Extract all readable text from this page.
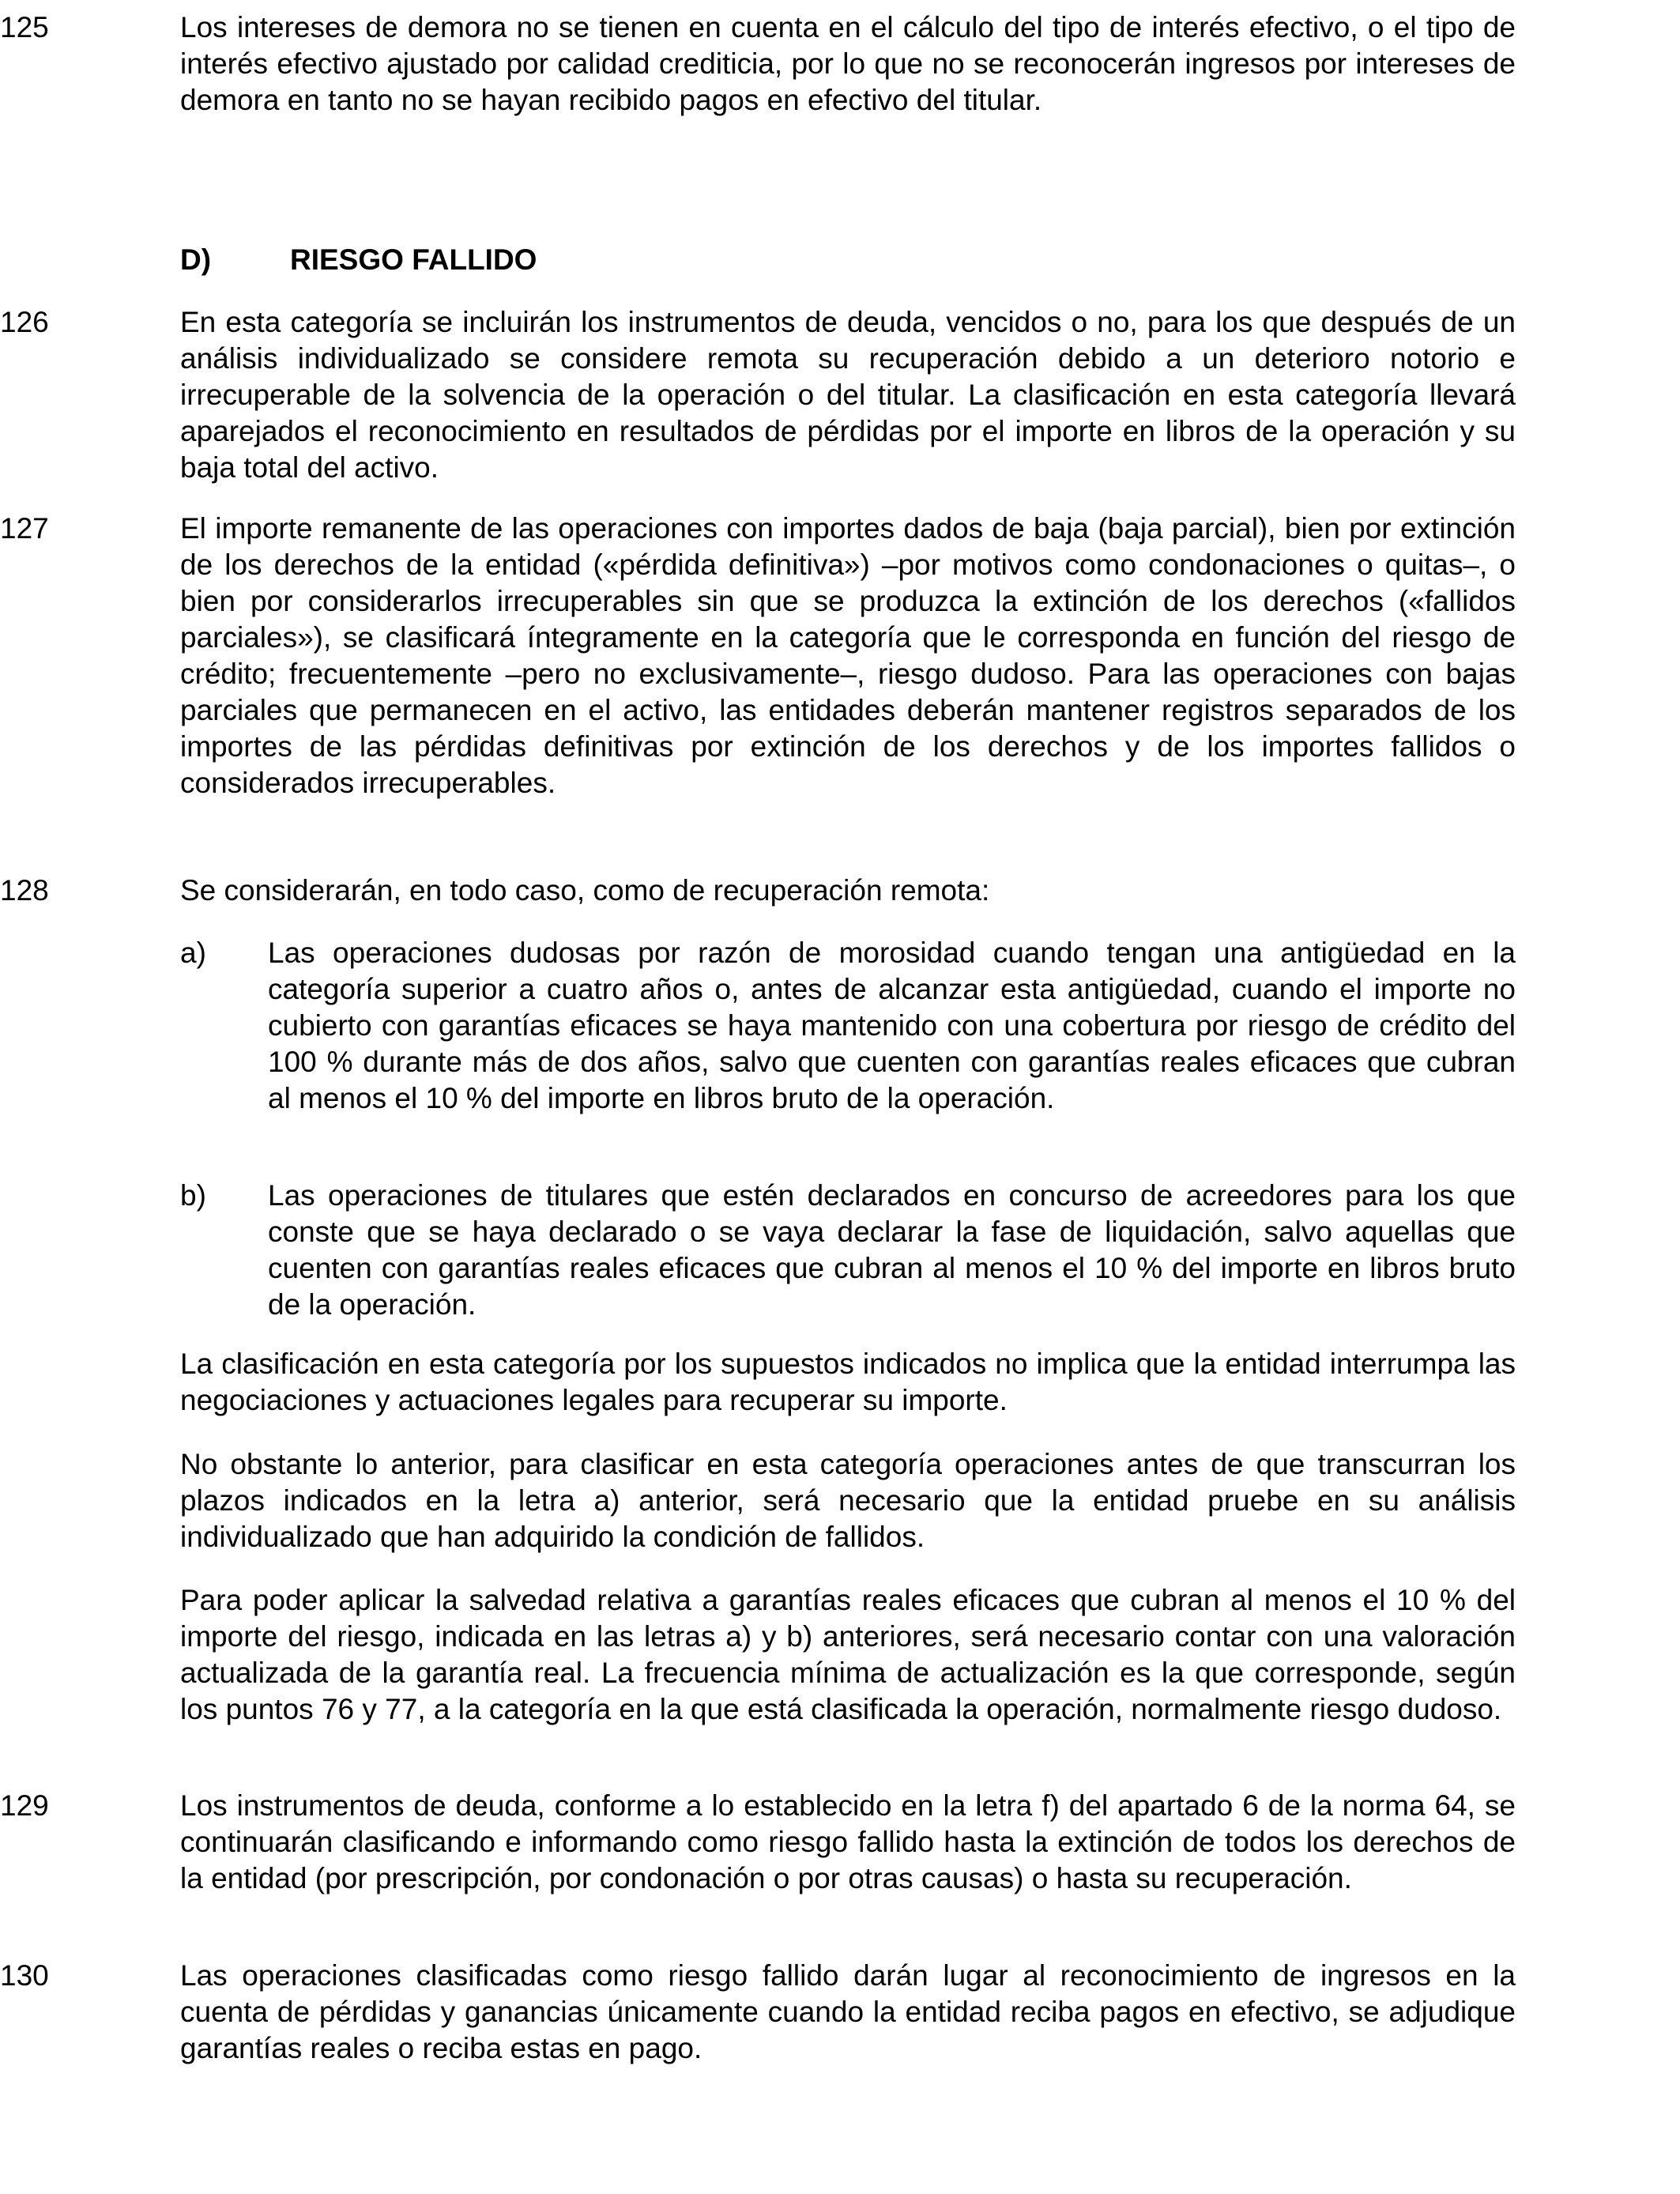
125	Los intereses de demora no se tienen en cuenta en el cálculo del tipo de interés efectivo, o el tipo de interés efectivo ajustado por calidad crediticia, por lo que no se reconocerán ingresos por intereses de demora en tanto no se hayan recibido pagos en efectivo del titular.
D)	RIESGO FALLIDO
126	En esta categoría se incluirán los instrumentos de deuda, vencidos o no, para los que después de un análisis individualizado se considere remota su recuperación debido a un deterioro notorio e irrecuperable de la solvencia de la operación o del titular. La clasificación en esta categoría llevará aparejados el reconocimiento en resultados de pérdidas por el importe en libros de la operación y su baja total del activo.
127	El importe remanente de las operaciones con importes dados de baja (baja parcial), bien por extinción de los derechos de la entidad («pérdida definitiva») –por motivos como condonaciones o quitas–, o bien por considerarlos irrecuperables sin que se produzca la extinción de los derechos («fallidos parciales»), se clasificará íntegramente en la categoría que le corresponda en función del riesgo de crédito; frecuentemente –pero no exclusivamente–, riesgo dudoso. Para las operaciones con bajas parciales que permanecen en el activo, las entidades deberán mantener registros separados de los importes de las pérdidas definitivas por extinción de los derechos y de los importes fallidos o considerados irrecuperables.
128	Se considerarán, en todo caso, como de recuperación remota:
a) Las operaciones dudosas por razón de morosidad cuando tengan una antigüedad en la categoría superior a cuatro años o, antes de alcanzar esta antigüedad, cuando el importe no cubierto con garantías eficaces se haya mantenido con una cobertura por riesgo de crédito del 100 % durante más de dos años, salvo que cuenten con garantías reales eficaces que cubran al menos el 10 % del importe en libros bruto de la operación.
b) Las operaciones de titulares que estén declarados en concurso de acreedores para los que conste que se haya declarado o se vaya declarar la fase de liquidación, salvo aquellas que cuenten con garantías reales eficaces que cubran al menos el 10 % del importe en libros bruto de la operación.
La clasificación en esta categoría por los supuestos indicados no implica que la entidad interrumpa las negociaciones y actuaciones legales para recuperar su importe.
No obstante lo anterior, para clasificar en esta categoría operaciones antes de que transcurran los plazos indicados en la letra a) anterior, será necesario que la entidad pruebe en su análisis individualizado que han adquirido la condición de fallidos.
Para poder aplicar la salvedad relativa a garantías reales eficaces que cubran al menos el 10 % del importe del riesgo, indicada en las letras a) y b) anteriores, será necesario contar con una valoración actualizada de la garantía real. La frecuencia mínima de actualización es la que corresponde, según los puntos 76 y 77, a la categoría en la que está clasificada la operación, normalmente riesgo dudoso.
129	Los instrumentos de deuda, conforme a lo establecido en la letra f) del apartado 6 de la norma 64, se continuarán clasificando e informando como riesgo fallido hasta la extinción de todos los derechos de la entidad (por prescripción, por condonación o por otras causas) o hasta su recuperación.
130	Las operaciones clasificadas como riesgo fallido darán lugar al reconocimiento de ingresos en la cuenta de pérdidas y ganancias únicamente cuando la entidad reciba pagos en efectivo, se adjudique garantías reales o reciba estas en pago.
